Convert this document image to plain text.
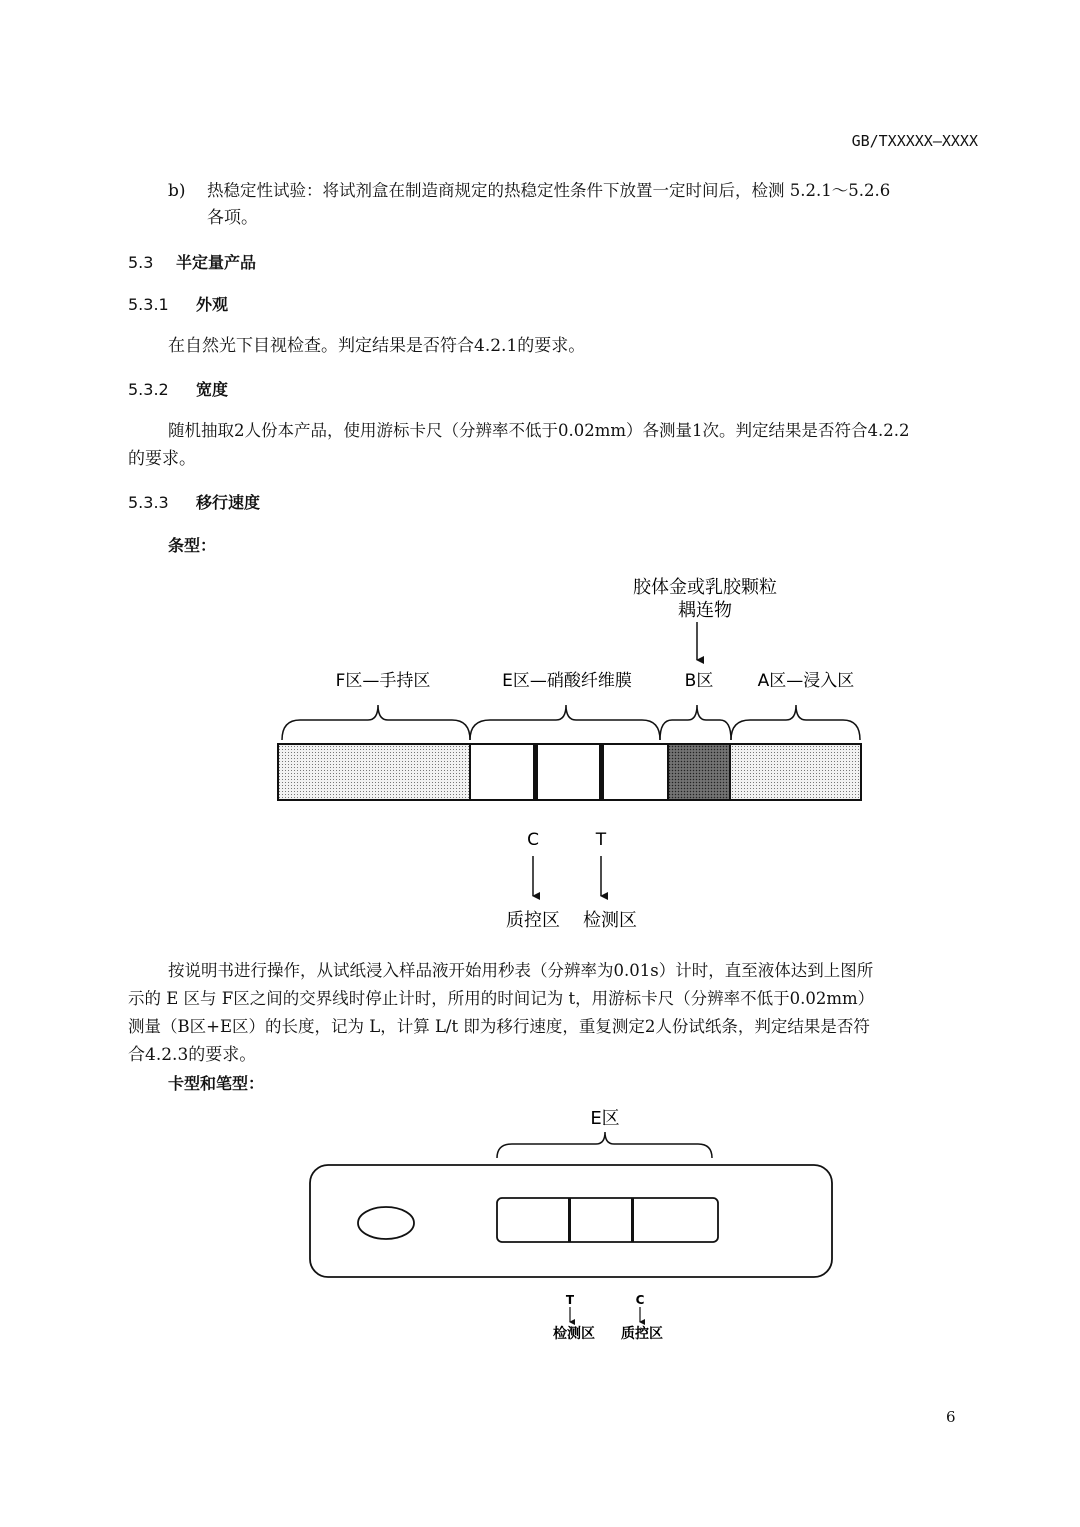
GB/TXXXXX—XXXX
b) 热稳定性试验：将试剂盒在制造商规定的热稳定性条件下放置一定时间后，检测 5.2.1～5.2.6
各项。
5.3 半定量产品
5.3.1 外观
在自然光下目视检查。判定结果是否符合4.2.1的要求。
5.3.2 宽度
随机抽取2人份本产品，使用游标卡尺（分辨率不低于0.02mm）各测量1次。判定结果是否符合4.2.2
的要求。
5.3.3 移行速度
条型：
胶体金或乳胶颗粒
耦连物
F区—手持区	E区—硝酸纤维膜	B区	A区—浸入区
C	T
质控区 检测区
按说明书进行操作，从试纸浸入样品液开始用秒表（分辨率为0.01s）计时，直至液体达到上图所
示的 E 区与 F区之间的交界线时停止计时，所用的时间记为 t，用游标卡尺（分辨率不低于0.02mm）
测量（B区+E区）的长度，记为 L，计算 L/t 即为移行速度，重复测定2人份试纸条，判定结果是否符
合4.2.3的要求。
卡型和笔型：
E区
T	C
检测区 质控区
6
